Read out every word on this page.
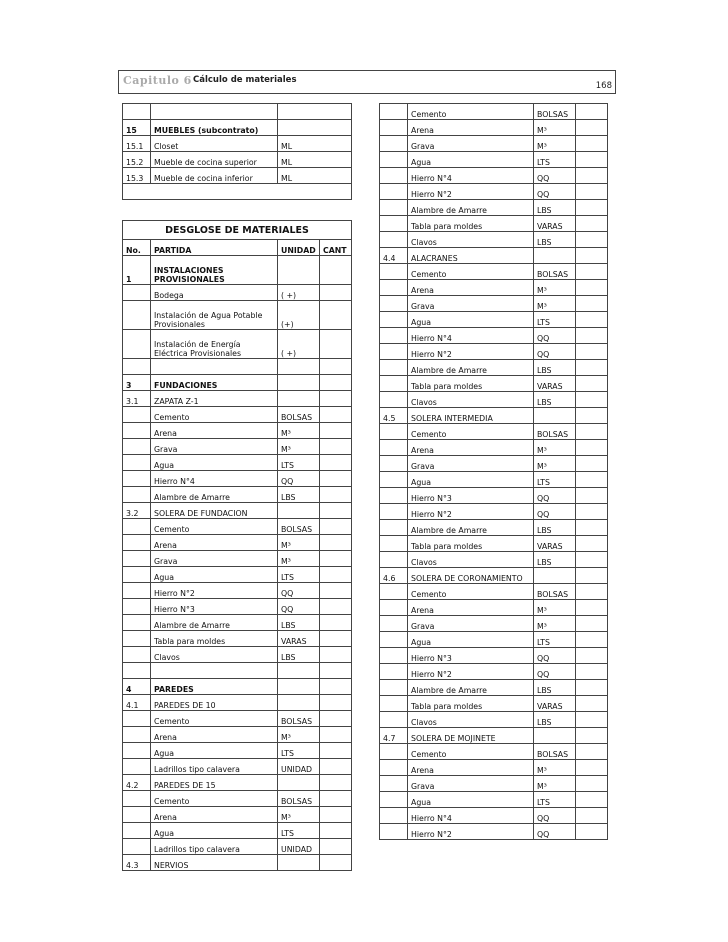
Capitulo 6 Cálculo de materiales
168

15	MUEBLES (subcontrato)	
15.1	Closet	ML
15.2	Mueble de cocina superior	ML
15.3	Mueble de cocina inferior	ML

DESGLOSE DE MATERIALES			
No.	PARTIDA	UNIDAD	CANT
1	INSTALACIONES PROVISIONALES		
	Bodega	( +)	
	Instalación de Agua Potable Provisionales	(+)	
	Instalación de Energía Eléctrica Provisionales	( +)	

3	FUNDACIONES		
3.1	ZAPATA Z-1		
	Cemento	BOLSAS	
	Arena	M³	
	Grava	M³	
	Agua	LTS	
	Hierro N°4	QQ	
	Alambre de Amarre	LBS	
3.2	SOLERA DE FUNDACION		
	Cemento	BOLSAS	
	Arena	M³	
	Grava	M³	
	Agua	LTS	
	Hierro N°2	QQ	
	Hierro N°3	QQ	
	Alambre de Amarre	LBS	
	Tabla para moldes	VARAS	
	Clavos	LBS	

4	PAREDES		
4.1	PAREDES DE 10		
	Cemento	BOLSAS	
	Arena	M³	
	Agua	LTS	
	Ladrillos tipo calavera	UNIDAD	
4.2	PAREDES DE 15		
	Cemento	BOLSAS	
	Arena	M³	
	Agua	LTS	
	Ladrillos tipo calavera	UNIDAD	
4.3	NERVIOS		
	Cemento	BOLSAS	
	Arena	M³	
	Grava	M³	
	Agua	LTS	
	Hierro N°4	QQ	
	Hierro N°2	QQ	
	Alambre de Amarre	LBS	
	Tabla para moldes	VARAS	
	Clavos	LBS	
4.4	ALACRANES		
	Cemento	BOLSAS	
	Arena	M³	
	Grava	M³	
	Agua	LTS	
	Hierro N°4	QQ	
	Hierro N°2	QQ	
	Alambre de Amarre	LBS	
	Tabla para moldes	VARAS	
	Clavos	LBS	
4.5	SOLERA INTERMEDIA		
	Cemento	BOLSAS	
	Arena	M³	
	Grava	M³	
	Agua	LTS	
	Hierro N°3	QQ	
	Hierro N°2	QQ	
	Alambre de Amarre	LBS	
	Tabla para moldes	VARAS	
	Clavos	LBS	
4.6	SOLERA DE CORONAMIENTO		
	Cemento	BOLSAS	
	Arena	M³	
	Grava	M³	
	Agua	LTS	
	Hierro N°3	QQ	
	Hierro N°2	QQ	
	Alambre de Amarre	LBS	
	Tabla para moldes	VARAS	
	Clavos	LBS	
4.7	SOLERA DE MOJINETE		
	Cemento	BOLSAS	
	Arena	M³	
	Grava	M³	
	Agua	LTS	
	Hierro N°4	QQ	
	Hierro N°2	QQ	
